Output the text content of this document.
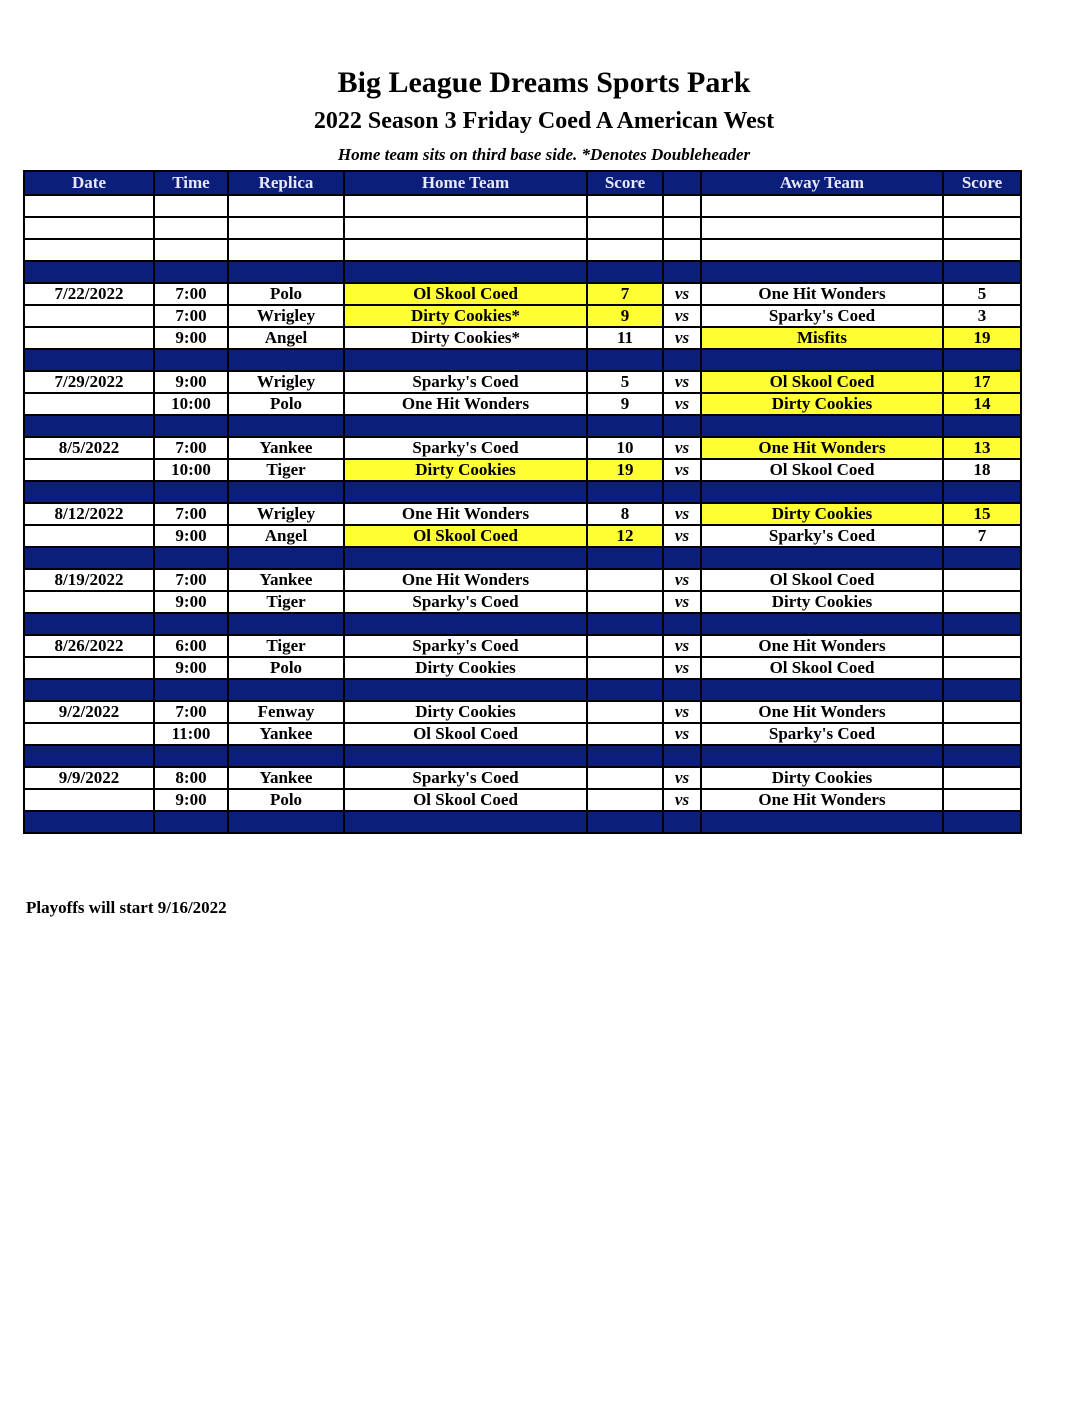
Big League Dreams Sports Park
2022 Season 3 Friday Coed A American West
Home team sits on third base side. *Denotes Doubleheader
Date	Time	Replica	Home Team	Score		Away Team	Score

7/22/2022	7:00	Polo	Ol Skool Coed	7	vs	One Hit Wonders	5
	7:00	Wrigley	Dirty Cookies*	9	vs	Sparky's Coed	3
	9:00	Angel	Dirty Cookies*	11	vs	Misfits	19

7/29/2022	9:00	Wrigley	Sparky's Coed	5	vs	Ol Skool Coed	17
	10:00	Polo	One Hit Wonders	9	vs	Dirty Cookies	14

8/5/2022	7:00	Yankee	Sparky's Coed	10	vs	One Hit Wonders	13
	10:00	Tiger	Dirty Cookies	19	vs	Ol Skool Coed	18

8/12/2022	7:00	Wrigley	One Hit Wonders	8	vs	Dirty Cookies	15
	9:00	Angel	Ol Skool Coed	12	vs	Sparky's Coed	7

8/19/2022	7:00	Yankee	One Hit Wonders		vs	Ol Skool Coed	
	9:00	Tiger	Sparky's Coed		vs	Dirty Cookies	

8/26/2022	6:00	Tiger	Sparky's Coed		vs	One Hit Wonders	
	9:00	Polo	Dirty Cookies		vs	Ol Skool Coed	

9/2/2022	7:00	Fenway	Dirty Cookies		vs	One Hit Wonders	
	11:00	Yankee	Ol Skool Coed		vs	Sparky's Coed	

9/9/2022	8:00	Yankee	Sparky's Coed		vs	Dirty Cookies	
	9:00	Polo	Ol Skool Coed		vs	One Hit Wonders	

Playoffs will start 9/16/2022
